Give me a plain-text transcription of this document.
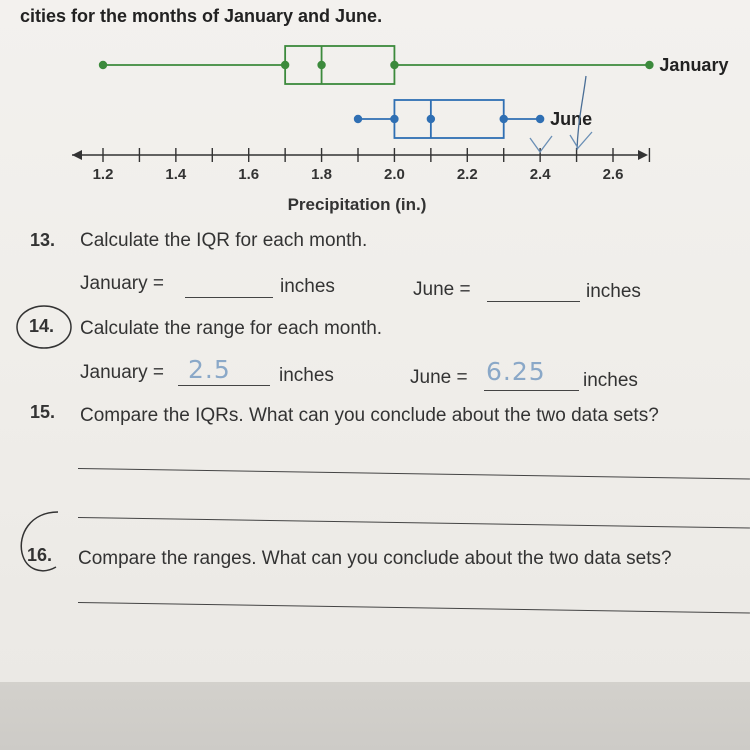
cities for the months of January and June.
1.2	1.4	1.6	1.8	2.0	2.2	2.4	2.6
Precipitation (in.)
January
June
13. Calculate the IQR for each month.
January =	inches	June =	inches
14. Calculate the range for each month.
January = 2.5	inches	June = 6.25 inches
15. Compare the IQRs. What can you conclude about the two data sets?
16. Compare the ranges. What can you conclude about the two data sets?
